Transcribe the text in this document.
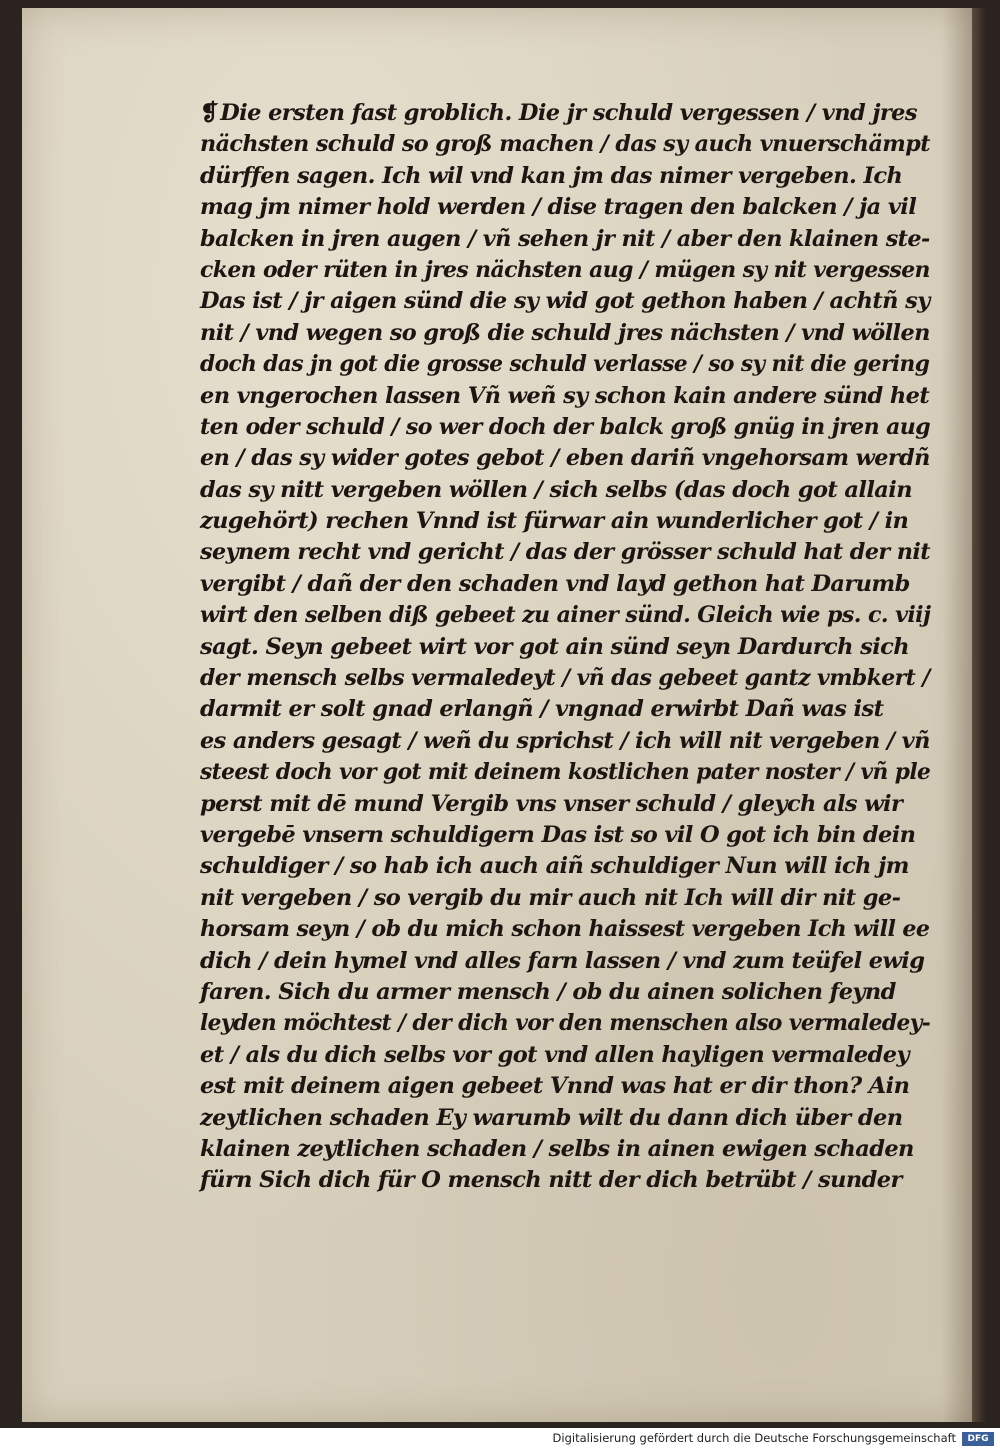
❡Die ersten fast groblich. Die jr schuld vergessen / vnd jres
nächsten schuld so groß machen / das sy auch vnuerschämpt
dürffen sagen. Ich wil vnd kan jm das nimer vergeben. Ich
mag jm nimer hold werden / dise tragen den balcken / ja vil
balcken in jren augen / vñ sehen jr nit / aber den klainen ste-
cken oder rüten in jres nächsten aug / mügen sy nit vergessen
Das ist / jr aigen sünd die sy wid got gethon haben / achtñ sy
nit / vnd wegen so groß die schuld jres nächsten / vnd wöllen
doch das jn got die grosse schuld verlasse / so sy nit die gering
en vngerochen lassen Vñ weñ sy schon kain andere sünd het
ten oder schuld / so wer doch der balck groß gnüg in jren aug
en / das sy wider gotes gebot / eben dariñ vngehorsam werdñ
das sy nitt vergeben wöllen / sich selbs (das doch got allain
zugehört) rechen Vnnd ist fürwar ain wunderlicher got / in
seynem recht vnd gericht / das der grösser schuld hat der nit
vergibt / dañ der den schaden vnd layd gethon hat Darumb
wirt den selben diß gebeet zu ainer sünd. Gleich wie ps. c. viij
sagt. Seyn gebeet wirt vor got ain sünd seyn Dardurch sich
der mensch selbs vermaledeyt / vñ das gebeet gantz vmbkert /
darmit er solt gnad erlangñ / vngnad erwirbt Dañ was ist
es anders gesagt / weñ du sprichst / ich will nit vergeben / vñ
steest doch vor got mit deinem kostlichen pater noster / vñ ple
perst mit dē mund Vergib vns vnser schuld / gleych als wir
vergebē vnsern schuldigern Das ist so vil O got ich bin dein
schuldiger / so hab ich auch aiñ schuldiger Nun will ich jm
nit vergeben / so vergib du mir auch nit Ich will dir nit ge-
horsam seyn / ob du mich schon haissest vergeben Ich will ee
dich / dein hymel vnd alles farn lassen / vnd zum teüfel ewig
faren. Sich du armer mensch / ob du ainen solichen feynd
leyden möchtest / der dich vor den menschen also vermaledey-
et / als du dich selbs vor got vnd allen hayligen vermaledey
est mit deinem aigen gebeet Vnnd was hat er dir thon? Ain
zeytlichen schaden Ey warumb wilt du dann dich über den
klainen zeytlichen schaden / selbs in ainen ewigen schaden
fürn Sich dich für O mensch nitt der dich betrübt / sunder
Digitalisierung gefördert durch die Deutsche Forschungsgemeinschaft	DFG
